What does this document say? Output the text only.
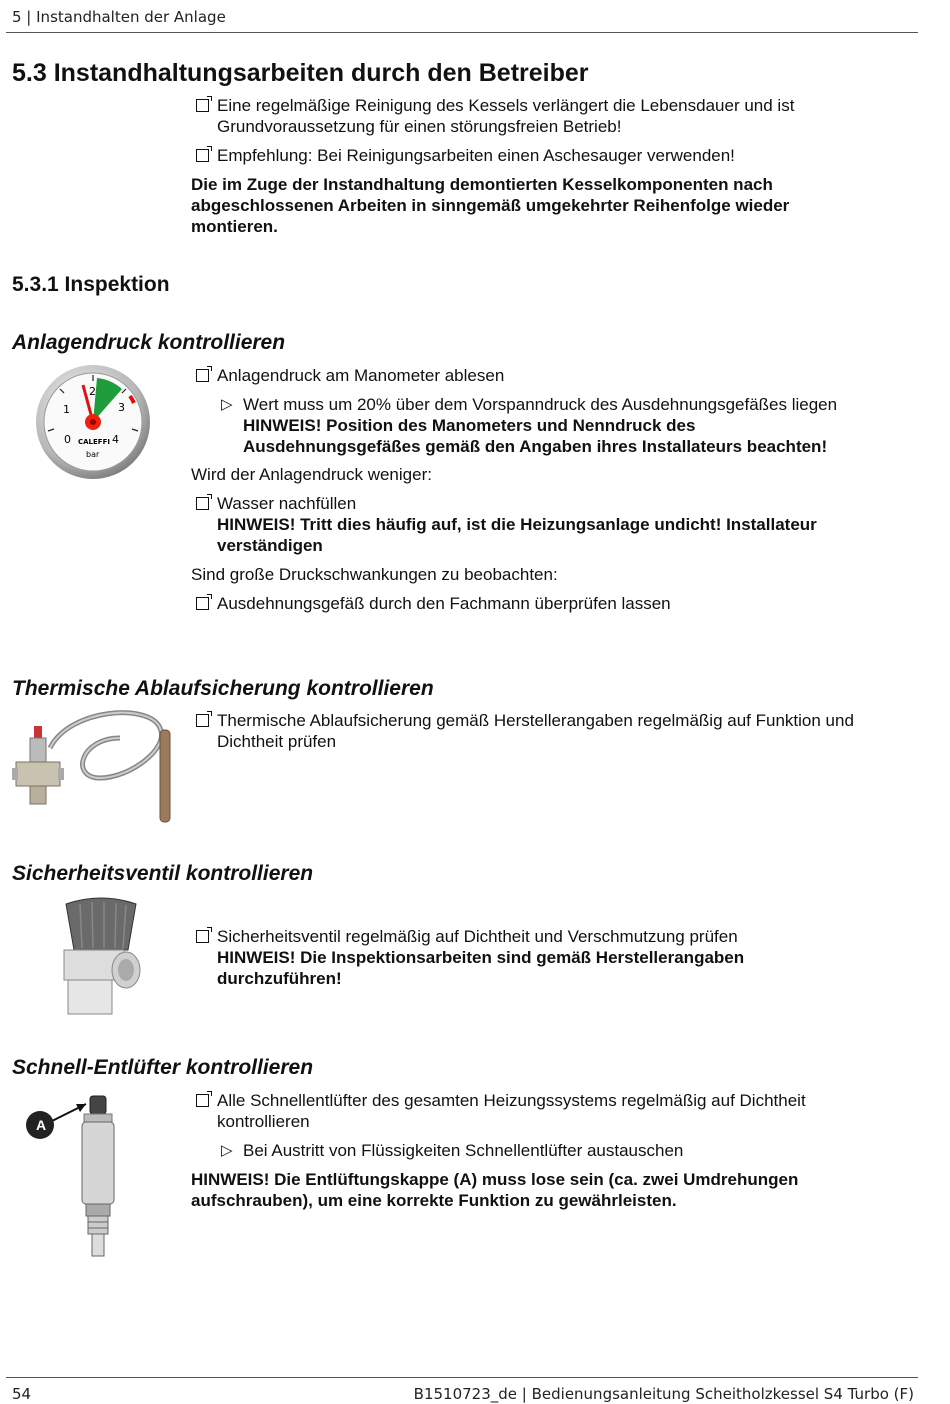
5 | Instandhalten der Anlage
5.3 Instandhaltungsarbeiten durch den Betreiber
Eine regelmäßige Reinigung des Kessels verlängert die Lebensdauer und ist
Grundvoraussetzung für einen störungsfreien Betrieb!
Empfehlung: Bei Reinigungsarbeiten einen Aschesauger verwenden!
Die im Zuge der Instandhaltung demontierten Kesselkomponenten nach
abgeschlossenen Arbeiten in sinngemäß umgekehrter Reihenfolge wieder
montieren.
5.3.1 Inspektion
Anlagendruck kontrollieren
1
2
3
0	4
CALEFFI
bar
Anlagendruck am Manometer ablesen
▷ Wert muss um 20% über dem Vorspanndruck des Ausdehnungsgefäßes liegen
HINWEIS! Position des Manometers und Nenndruck des
Ausdehnungsgefäßes gemäß den Angaben ihres Installateurs beachten!
Wird der Anlagendruck weniger:
Wasser nachfüllen
HINWEIS! Tritt dies häufig auf, ist die Heizungsanlage undicht! Installateur
verständigen
Sind große Druckschwankungen zu beobachten:
Ausdehnungsgefäß durch den Fachmann überprüfen lassen
Thermische Ablaufsicherung kontrollieren
Thermische Ablaufsicherung gemäß Herstellerangaben regelmäßig auf Funktion und
Dichtheit prüfen
Sicherheitsventil kontrollieren
Sicherheitsventil regelmäßig auf Dichtheit und Verschmutzung prüfen
HINWEIS! Die Inspektionsarbeiten sind gemäß Herstellerangaben
durchzuführen!
Schnell-Entlüfter kontrollieren
A
Alle Schnellentlüfter des gesamten Heizungssystems regelmäßig auf Dichtheit
kontrollieren
▷ Bei Austritt von Flüssigkeiten Schnellentlüfter austauschen
HINWEIS! Die Entlüftungskappe (A) muss lose sein (ca. zwei Umdrehungen
aufschrauben), um eine korrekte Funktion zu gewährleisten.
54	B1510723_de | Bedienungsanleitung Scheitholzkessel S4 Turbo (F)
